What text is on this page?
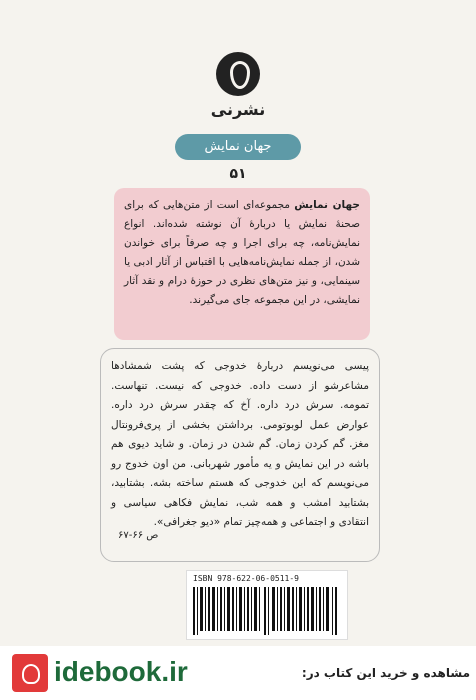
نشرنی
جهان نمایش
۵۱
جهان نمایش مجموعه‌ای است از متن‌هایی که برای صحنهٔ نمایش یا دربارهٔ آن نوشته شده‌اند. انواع نمایش‌نامه، چه برای اجرا و چه صرفاً برای خواندن شدن، از جمله نمایش‌نامه‌هایی با اقتباس از آثار ادبی یا سینمایی، و نیز متن‌های نظری در حوزهٔ درام و نقد آثار نمایشی، در این مجموعه جای می‌گیرند.
پیسی می‌نویسم دربارهٔ خدوجی که پشت شمشادها مشاعرشو از دست داده. خدوجی که نیست. تنهاست. تمومه. سرش درد داره. آخ که چقدر سرش درد داره. عوارض عمل لوبوتومی. برداشتن بخشی از پری‌فرونتال مغز. گم کردن زمان. گم شدن در زمان. و شاید دیوی هم باشه در این نمایش و یه مأمور شهربانی. من اون خدوج رو می‌نویسم که این خدوجی که هستم ساخته بشه. بشتابید، بشتابید امشب و همه شب، نمایش فکاهی سیاسی و انتقادی و اجتماعی و همه‌چیز تمام «دیو جغرافی».
ص ۶۶-۶۷
ISBN 978-622-06-0511-9
idebook.ir	مشاهده و خرید این کتاب در:
